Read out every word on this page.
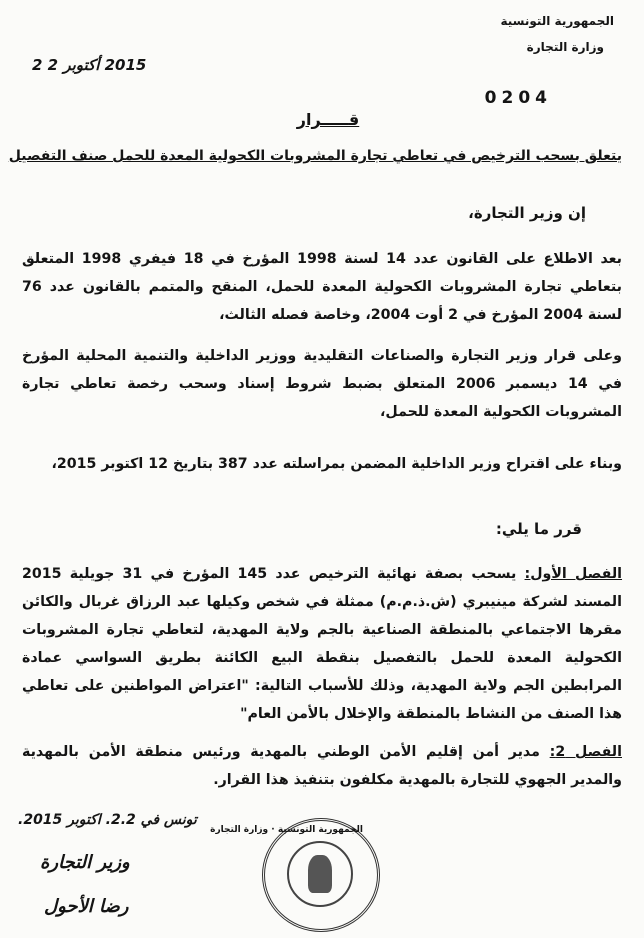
الجمهورية التونسية
وزارة التجارة
2015 أكتوبر 2 2
0204
قـــــرار
يتعلق بسحب الترخيص في تعاطي تجارة المشروبات الكحولية المعدة للحمل صنف التفصيل
إن وزير التجارة،
بعد الاطلاع على القانون عدد 14 لسنة 1998 المؤرخ في 18 فيفري 1998 المتعلق بتعاطي تجارة المشروبات الكحولية المعدة للحمل، المنقح والمتمم بالقانون عدد 76 لسنة 2004 المؤرخ في 2 أوت 2004، وخاصة فصله الثالث،
وعلى قرار وزير التجارة والصناعات التقليدية ووزير الداخلية والتنمية المحلية المؤرخ في 14 ديسمبر 2006 المتعلق بضبط شروط إسناد وسحب رخصة تعاطي تجارة المشروبات الكحولية المعدة للحمل،
وبناء على اقتراح وزير الداخلية المضمن بمراسلته عدد 387 بتاريخ 12 اكتوبر 2015،
قرر ما يلي:
الفصل الأول: يسحب بصفة نهائية الترخيص عدد 145 المؤرخ في 31 جويلية 2015 المسند لشركة مينيبري (ش.ذ.م.م) ممثلة في شخص وكيلها عبد الرزاق غربال والكائن مقرها الاجتماعي بالمنطقة الصناعية بالجم ولاية المهدية، لتعاطي تجارة المشروبات الكحولية المعدة للحمل بالتفصيل بنقطة البيع الكائنة بطريق السواسي عمادة المرابطين الجم ولاية المهدية، وذلك للأسباب التالية: "اعتراض المواطنين على تعاطي هذا الصنف من النشاط بالمنطقة والإخلال بالأمن العام"
الفصل 2: مدير أمن إقليم الأمن الوطني بالمهدية ورئيس منطقة الأمن بالمهدية والمدير الجهوي للتجارة بالمهدية مكلفون بتنفيذ هذا القرار.
تونس في 2.2. اكتوبر 2015.
وزير التجارة
رضا الأحول
الجمهورية التونسية · وزارة التجارة
